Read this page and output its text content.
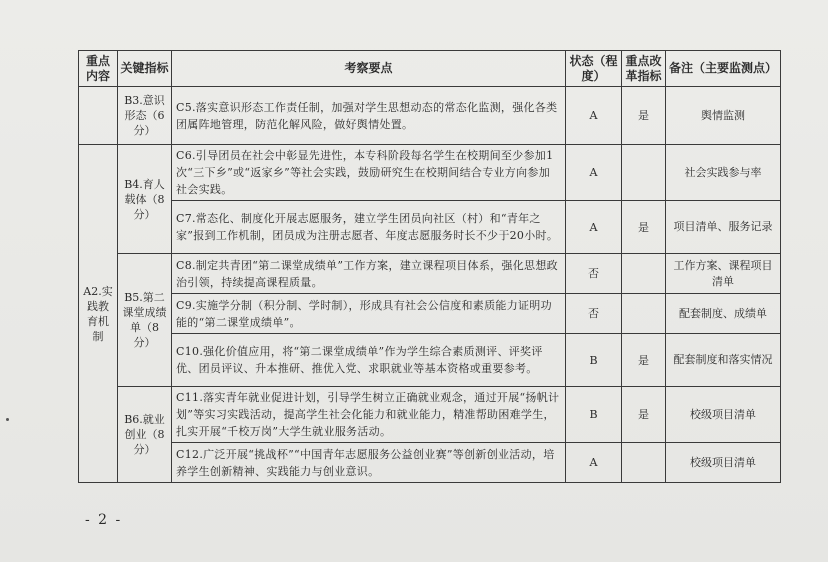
重点内容	关键指标	考察要点	状态（程度）	重点改革指标	备注（主要监测点）
	B3.意识形态（6分）	C5.落实意识形态工作责任制，加强对学生思想动态的常态化监测，强化各类团属阵地管理，防范化解风险，做好舆情处置。	A	是	舆情监测
A2.实践教育机制	B4.育人载体（8分）	C6.引导团员在社会中彰显先进性，本专科阶段每名学生在校期间至少参加1次“三下乡”或“返家乡”等社会实践，鼓励研究生在校期间结合专业方向参加社会实践。	A		社会实践参与率
		C7.常态化、制度化开展志愿服务，建立学生团员向社区（村）和“青年之家”报到工作机制，团员成为注册志愿者、年度志愿服务时长不少于20小时。	A	是	项目清单、服务记录
	B5.第二课堂成绩单（8分）	C8.制定共青团“第二课堂成绩单”工作方案，建立课程项目体系，强化思想政治引领，持续提高课程质量。	否		工作方案、课程项目清单
		C9.实施学分制（积分制、学时制），形成具有社会公信度和素质能力证明功能的“第二课堂成绩单”。	否		配套制度、成绩单
		C10.强化价值应用，将“第二课堂成绩单”作为学生综合素质测评、评奖评优、团员评议、升本推研、推优入党、求职就业等基本资格或重要参考。	B	是	配套制度和落实情况
	B6.就业创业（8分）	C11.落实青年就业促进计划，引导学生树立正确就业观念，通过开展“扬帆计划”等实习实践活动，提高学生社会化能力和就业能力，精准帮助困难学生，扎实开展“千校万岗”大学生就业服务活动。	B	是	校级项目清单
		C12.广泛开展“挑战杯”“中国青年志愿服务公益创业赛”等创新创业活动，培养学生创新精神、实践能力与创业意识。	A		校级项目清单
- 2 -
